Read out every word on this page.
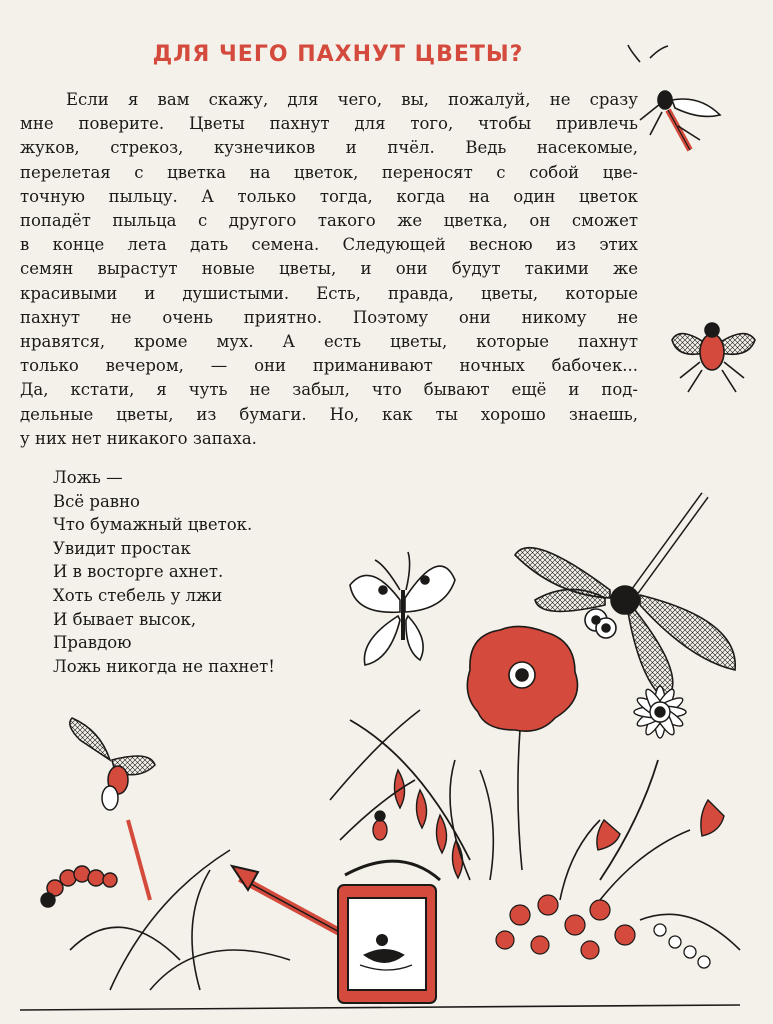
ДЛЯ ЧЕГО ПАХНУТ ЦВЕТЫ?
Если я вам скажу, для чего, вы, пожалуй, не сразу
мне поверите. Цветы пахнут для того, чтобы привлечь
жуков, стрекоз, кузнечиков и пчёл. Ведь насекомые,
перелетая с цветка на цветок, переносят с собой цве-
точную пыльцу. А только тогда, когда на один цветок
попадёт пыльца с другого такого же цветка, он сможет
в конце лета дать семена. Следующей весною из этих
семян вырастут новые цветы, и они будут такими же
красивыми и душистыми. Есть, правда, цветы, которые
пахнут не очень приятно. Поэтому они никому не
нравятся, кроме мух. А есть цветы, которые пахнут
только вечером, — они приманивают ночных бабочек...
Да, кстати, я чуть не забыл, что бывают ещё и под-
дельные цветы, из бумаги. Но, как ты хорошо знаешь,
у них нет никакого запаха.
Ложь —
Всё равно
Что бумажный цветок.
Увидит простак
И в восторге ахнет.
Хоть стебель у лжи
И бывает высок,
Правдою
Ложь никогда не пахнет!
